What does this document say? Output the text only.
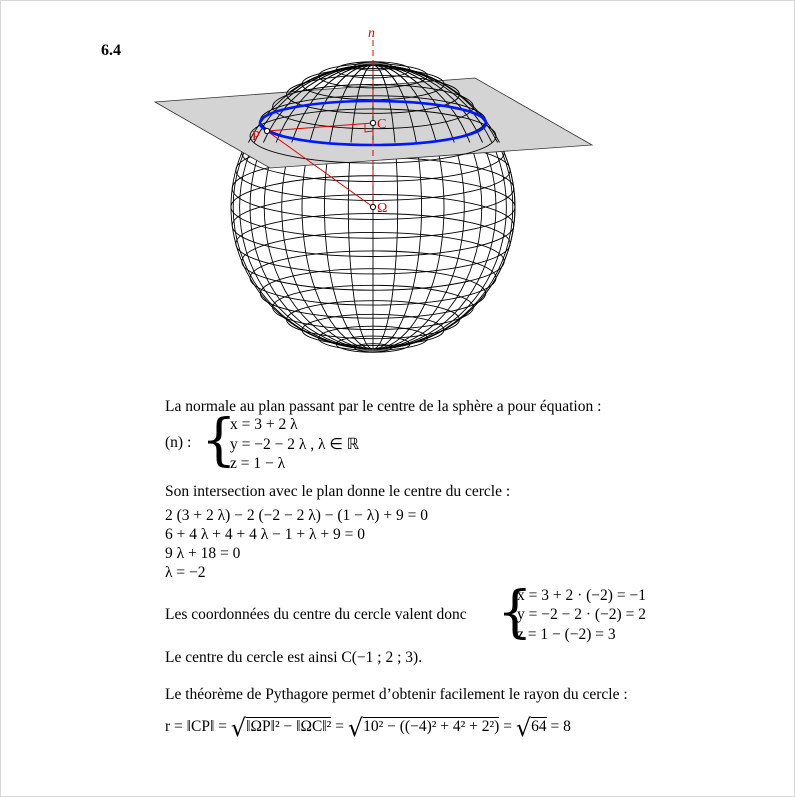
6.4
n
P
C
Ω
La normale au plan passant par le centre de la sphère a pour équation :
(n) : {
x = 3 + 2 λ
y = −2 − 2 λ , λ ∈ ℝ
z = 1 − λ
Son intersection avec le plan donne le centre du cercle :
2 (3 + 2 λ) − 2 (−2 − 2 λ) − (1 − λ) + 9 = 0
6 + 4 λ + 4 + 4 λ − 1 + λ + 9 = 0
9 λ + 18 = 0
λ = −2
Les coordonnées du centre du cercle valent donc {
x = 3 + 2 · (−2) = −1
y = −2 − 2 · (−2) = 2
z = 1 − (−2) = 3
Le centre du cercle est ainsi C(−1 ; 2 ; 3).
Le théorème de Pythagore permet d’obtenir facilement le rayon du cercle :
r = ‖CP‖ = √‖ΩP‖² − ‖ΩC‖² = √10² − ((−4)² + 4² + 2²) = √64 = 8
